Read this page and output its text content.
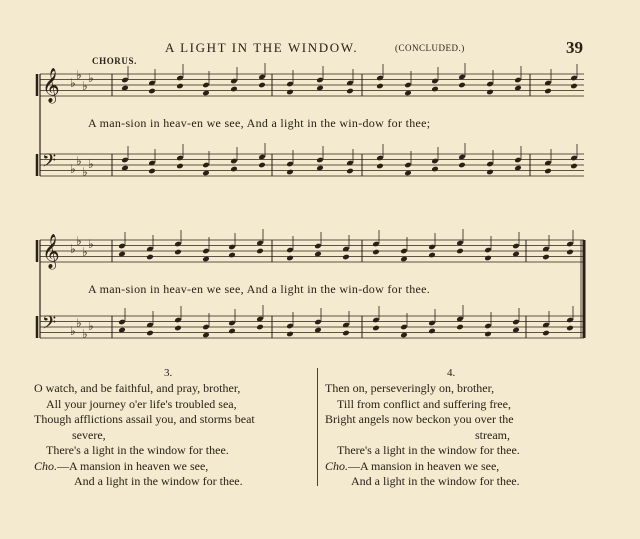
A LIGHT IN THE WINDOW.	(CONCLUDED.)	39
CHORUS.
𝄞
𝄢
♭
♭
♭
♭
♭
♭
♭
♭
𝄞
𝄢
♭
♭
♭
♭
♭
♭
♭
♭
A man-sion in heav-en we see, And a light in the win-dow for thee;
A man-sion in heav-en we see, And a light in the win-dow for thee.
3.
O watch, and be faithful, and pray, brother,
All your journey o'er life's troubled sea,
Though afflictions assail you, and storms beat
severe,
There's a light in the window for thee.
Cho.—A mansion in heaven we see,
And a light in the window for thee.
4.
Then on, perseveringly on, brother,
Till from conflict and suffering free,
Bright angels now beckon you over the
stream,
There's a light in the window for thee.
Cho.—A mansion in heaven we see,
And a light in the window for thee.
